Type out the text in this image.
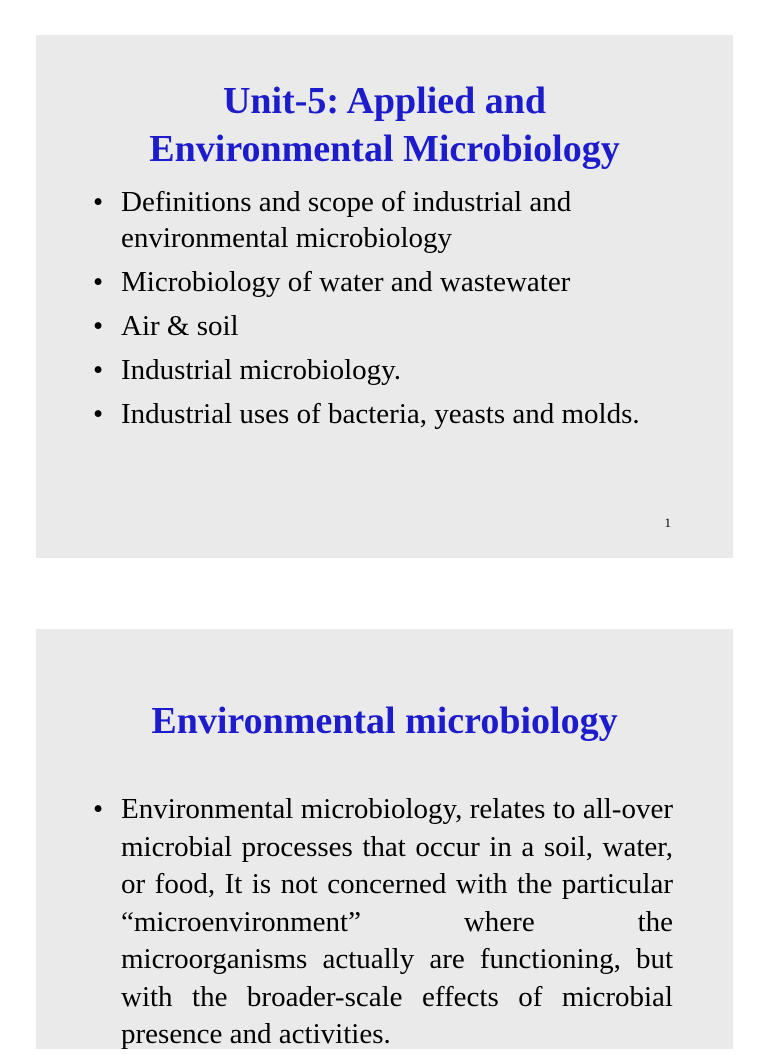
Unit-5: Applied and
Environmental Microbiology
• Definitions and scope of industrial and environmental microbiology
• Microbiology of water and wastewater
• Air & soil
• Industrial microbiology.
• Industrial uses of bacteria, yeasts and molds.
1
Environmental microbiology
• Environmental microbiology, relates to all-over microbial processes that occur in a soil, water, or food, It is not concerned with the particular “microenvironment” where the microorganisms actually are functioning, but with the broader-scale effects of microbial presence and activities.
